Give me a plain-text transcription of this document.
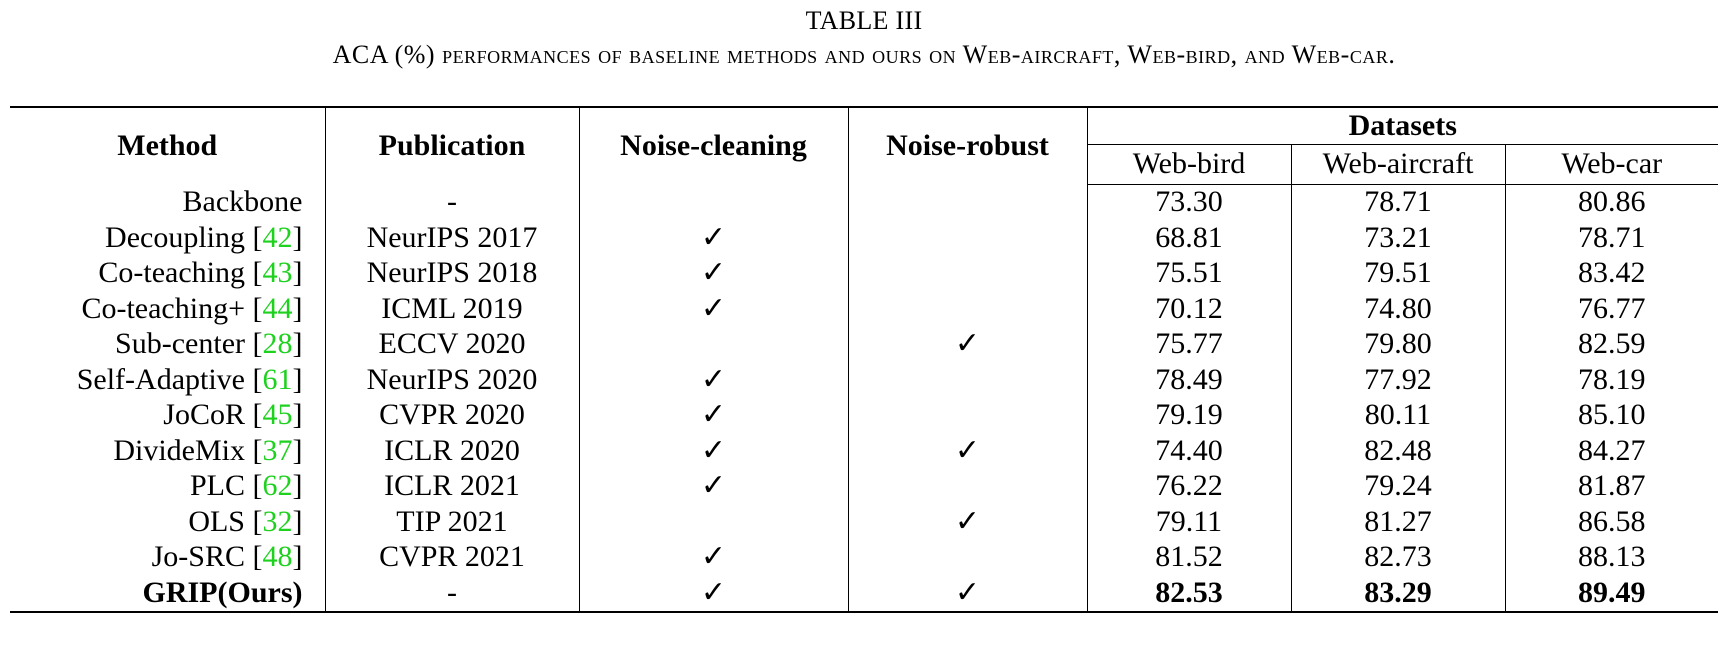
TABLE III
ACA (%) performances of baseline methods and ours on Web-aircraft, Web-bird, and Web-car.
Method	Publication	Noise-cleaning	Noise-robust	Datasets		
				Web-bird	Web-aircraft	Web-car
Backbone	-			73.30	78.71	80.86
Decoupling [42]	NeurIPS 2017	✓		68.81	73.21	78.71
Co-teaching [43]	NeurIPS 2018	✓		75.51	79.51	83.42
Co-teaching+ [44]	ICML 2019	✓		70.12	74.80	76.77
Sub-center [28]	ECCV 2020		✓	75.77	79.80	82.59
Self-Adaptive [61]	NeurIPS 2020	✓		78.49	77.92	78.19
JoCoR [45]	CVPR 2020	✓		79.19	80.11	85.10
DivideMix [37]	ICLR 2020	✓	✓	74.40	82.48	84.27
PLC [62]	ICLR 2021	✓		76.22	79.24	81.87
OLS [32]	TIP 2021		✓	79.11	81.27	86.58
Jo-SRC [48]	CVPR 2021	✓		81.52	82.73	88.13
GRIP(Ours)	-	✓	✓	82.53	83.29	89.49
